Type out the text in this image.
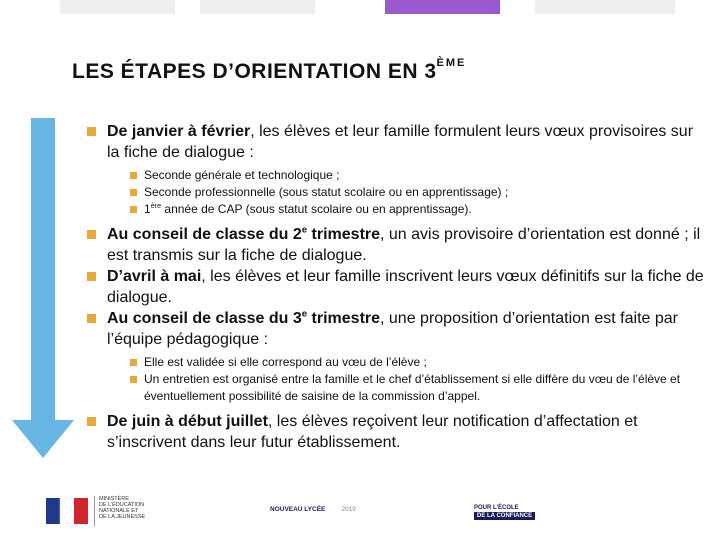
LES ÉTAPES D’ORIENTATION EN 3ÈME

De janvier à février, les élèves et leur famille formulent leurs vœux provisoires sur la fiche de dialogue :

Seconde générale et technologique ;

Seconde professionnelle (sous statut scolaire ou en apprentissage) ;

1ère année de CAP (sous statut scolaire ou en apprentissage).

Au conseil de classe du 2e trimestre, un avis provisoire d’orientation est donné ; il est transmis sur la fiche de dialogue.

D’avril à mai, les élèves et leur famille inscrivent leurs vœux définitifs sur la fiche de dialogue.

Au conseil de classe du 3e trimestre, une proposition d’orientation est faite par l’équipe pédagogique :

Elle est validée si elle correspond au vœu de l’élève ;

Un entretien est organisé entre la famille et le chef d’établissement si elle diffère du vœu de l’élève et éventuellement possibilité de saisine de la commission d’appel.

De juin à début juillet, les élèves reçoivent leur notification d’affectation et s’inscrivent dans leur futur établissement.

MINISTÈRE
DE L’ÉDUCATION
NATIONALE ET
DE LA JEUNESSE
NOUVEAU LYCÉE 2019	POUR L’ÉCOLE
DE LA CONFIANCE
